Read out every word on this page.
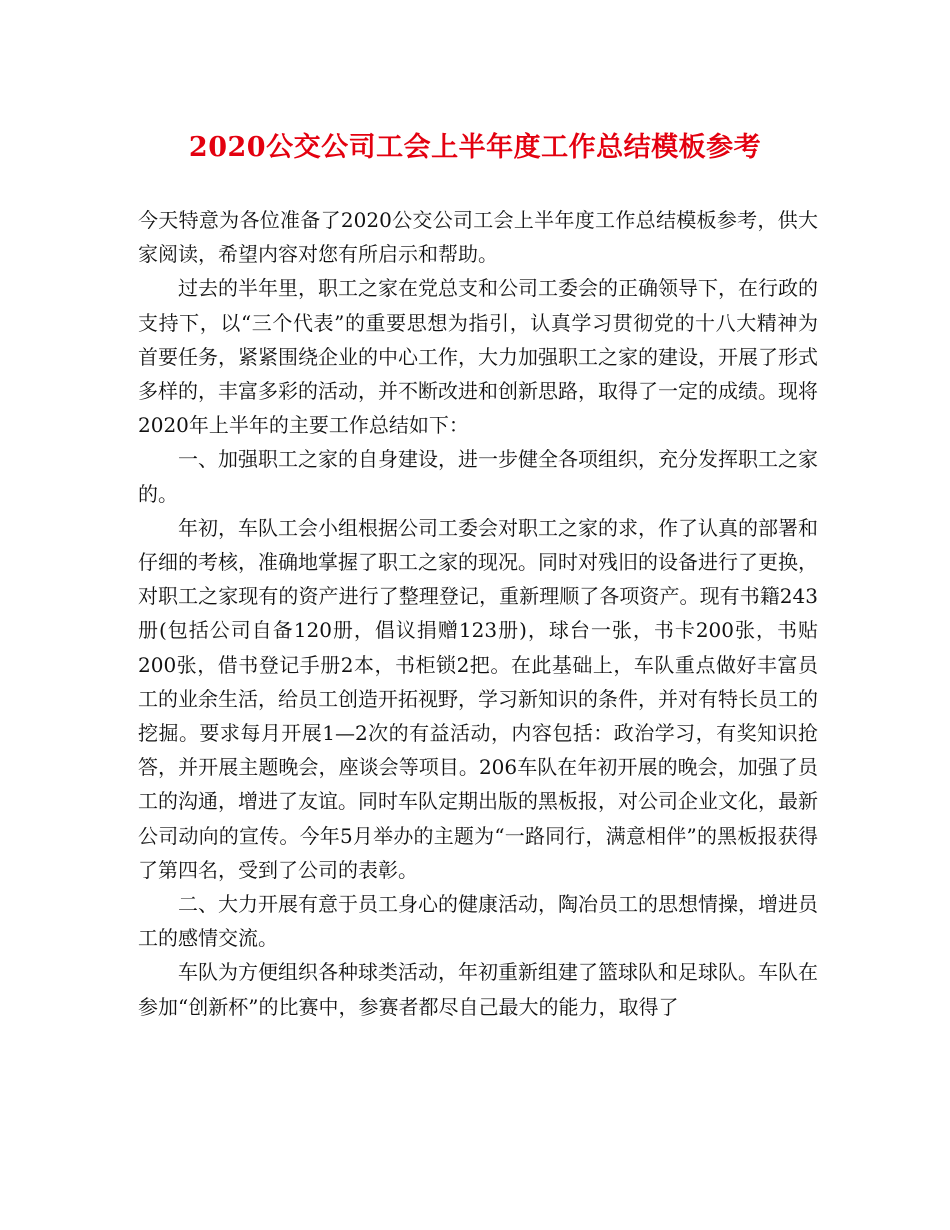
2020公交公司工会上半年度工作总结模板参考

今天特意为各位准备了2020公交公司工会上半年度工作总结模板参考，供大家阅读，希望内容对您有所启示和帮助。

过去的半年里，职工之家在党总支和公司工委会的正确领导下，在行政的支持下，以“三个代表”的重要思想为指引，认真学习贯彻党的十八大精神为首要任务，紧紧围绕企业的中心工作，大力加强职工之家的建设，开展了形式多样的，丰富多彩的活动，并不断改进和创新思路，取得了一定的成绩。现将2020年上半年的主要工作总结如下：

一、加强职工之家的自身建设，进一步健全各项组织，充分发挥职工之家的。

年初，车队工会小组根据公司工委会对职工之家的求，作了认真的部署和仔细的考核，准确地掌握了职工之家的现况。同时对残旧的设备进行了更换，对职工之家现有的资产进行了整理登记，重新理顺了各项资产。现有书籍243册(包括公司自备120册，倡议捐赠123册)，球台一张，书卡200张，书贴200张，借书登记手册2本，书柜锁2把。在此基础上，车队重点做好丰富员工的业余生活，给员工创造开拓视野，学习新知识的条件，并对有特长员工的挖掘。要求每月开展1—2次的有益活动，内容包括：政治学习，有奖知识抢答，并开展主题晚会，座谈会等项目。206车队在年初开展的晚会，加强了员工的沟通，增进了友谊。同时车队定期出版的黑板报，对公司企业文化，最新公司动向的宣传。今年5月举办的主题为“一路同行，满意相伴”的黑板报获得了第四名，受到了公司的表彰。

二、大力开展有意于员工身心的健康活动，陶冶员工的思想情操，增进员工的感情交流。

车队为方便组织各种球类活动，年初重新组建了篮球队和足球队。车队在参加“创新杯”的比赛中，参赛者都尽自己最大的能力，取得了
